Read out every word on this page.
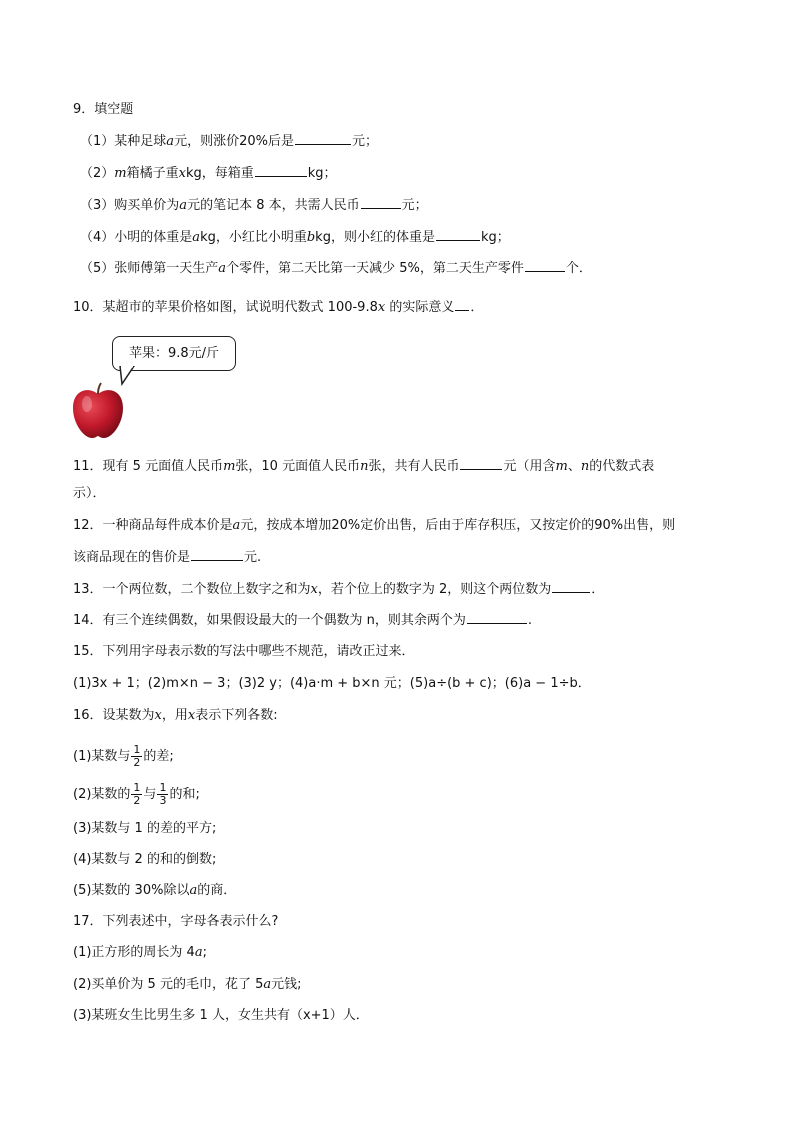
9．填空题
（1）某种足球a元，则涨价20%后是	元；
（2）m箱橘子重xkg，每箱重	kg；
（3）购买单价为a元的笔记本 8 本，共需人民币	元；
（4）小明的体重是akg，小红比小明重bkg，则小红的体重是	kg；
（5）张师傅第一天生产a个零件，第二天比第一天减少 5%，第二天生产零件	个．
10．某超市的苹果价格如图，试说明代数式 100-9.8x 的实际意义 ．
苹果：9.8元/斤
11．现有 5 元面值人民币m张，10 元面值人民币n张，共有人民币	元（用含m、n的代数式表
示）．
12．一种商品每件成本价是a元，按成本增加20%定价出售，后由于库存积压，又按定价的90%出售，则
该商品现在的售价是	元.
13．一个两位数，二个数位上数字之和为x，若个位上的数字为 2，则这个两位数为	．
14．有三个连续偶数，如果假设最大的一个偶数为 n，则其余两个为	.
15．下列用字母表示数的写法中哪些不规范，请改正过来．
(1)3x + 1；(2)m×n − 3；(3)2 y；(4)a·m + b×n 元；(5)a÷(b + c)；(6)a − 1÷b．
16．设某数为x，用x表示下列各数:
(1)某数与 $\frac{1}{2}$ 的差;
(2)某数的 $\frac{1}{2}$ 与 $\frac{1}{3}$ 的和;
(3)某数与 1 的差的平方;
(4)某数与 2 的和的倒数;
(5)某数的 30%除以a的商．
17．下列表述中，字母各表示什么?
(1)正方形的周长为 4a;
(2)买单价为 5 元的毛巾，花了 5a元钱;
(3)某班女生比男生多 1 人，女生共有（x+1）人．
